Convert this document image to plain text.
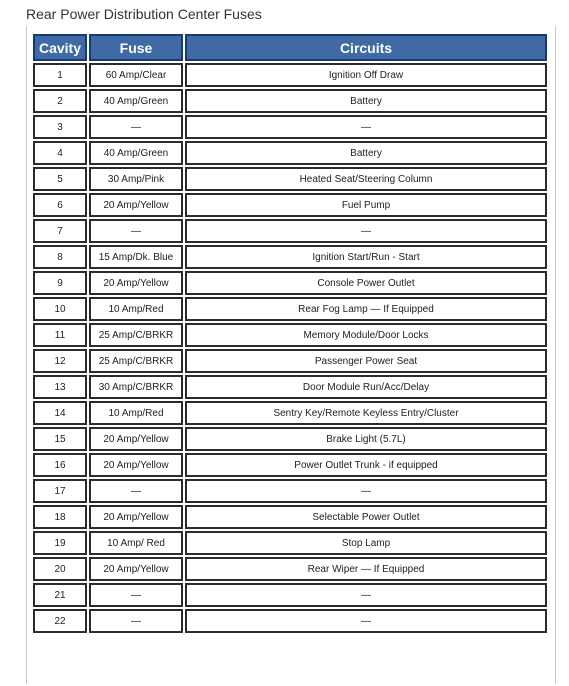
Rear Power Distribution Center Fuses
Cavity	Fuse	Circuits
1	60 Amp/Clear	Ignition Off Draw
2	40 Amp/Green	Battery
3	—	—
4	40 Amp/Green	Battery
5	30 Amp/Pink	Heated Seat/Steering Column
6	20 Amp/Yellow	Fuel Pump
7	—	—
8	15 Amp/Dk. Blue	Ignition Start/Run - Start
9	20 Amp/Yellow	Console Power Outlet
10	10 Amp/Red	Rear Fog Lamp — If Equipped
11	25 Amp/C/BRKR	Memory Module/Door Locks
12	25 Amp/C/BRKR	Passenger Power Seat
13	30 Amp/C/BRKR	Door Module Run/Acc/Delay
14	10 Amp/Red	Sentry Key/Remote Keyless Entry/Cluster
15	20 Amp/Yellow	Brake Light (5.7L)
16	20 Amp/Yellow	Power Outlet Trunk - if equipped
17	—	—
18	20 Amp/Yellow	Selectable Power Outlet
19	10 Amp/ Red	Stop Lamp
20	20 Amp/Yellow	Rear Wiper — If Equipped
21	—	—
22	—	—
